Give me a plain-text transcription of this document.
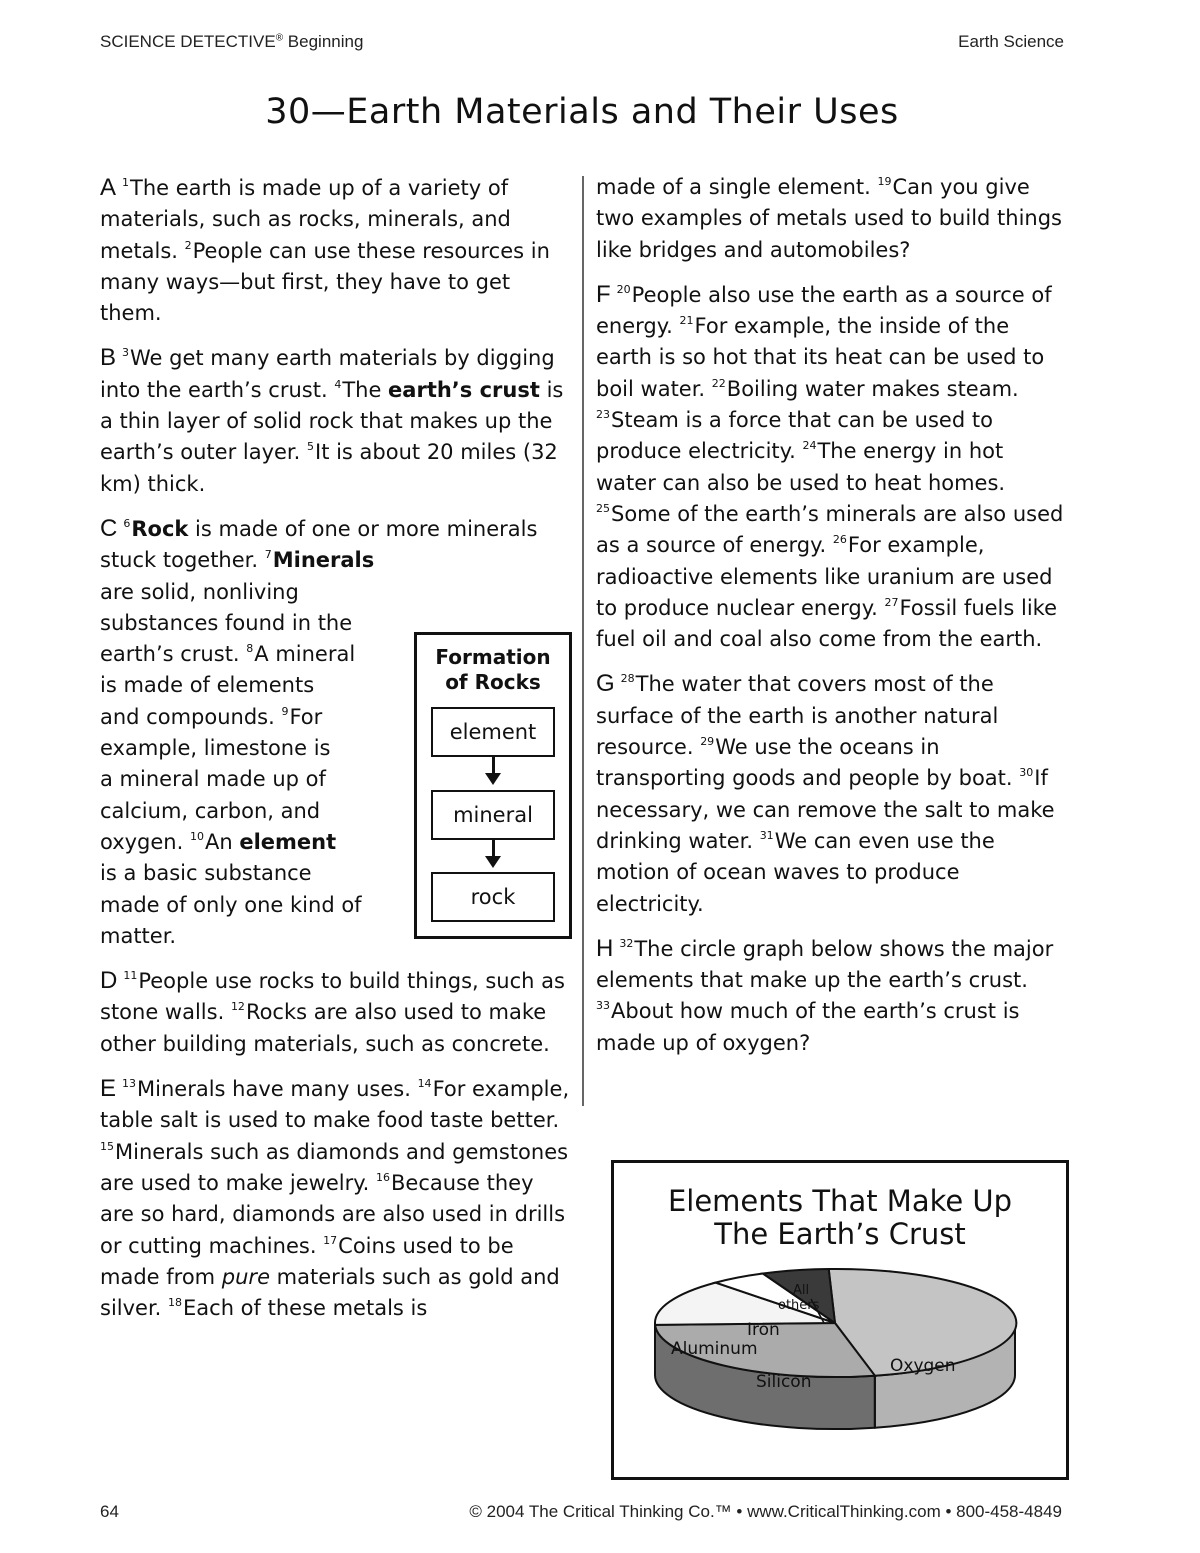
SCIENCE DETECTIVE® Beginning	Earth Science
30—Earth Materials and Their Uses

A $^1$The earth is made up of a variety of materials, such as rocks, minerals, and metals. $^2$People can use these resources in many ways—but first, they have to get them.

B $^3$We get many earth materials by digging into the earth’s crust. $^4$The earth’s crust is a thin layer of solid rock that makes up the earth’s outer layer. $^5$It is about 20 miles (32 km) thick.

C $^6$Rock is made of one or more minerals stuck together. $^7$Minerals
are solid, nonliving
substances found in the
earth’s crust. $^8$A mineral
is made of elements
and compounds. $^9$For
example, limestone is
a mineral made up of
calcium, carbon, and
oxygen. $^{10}$An element
is a basic substance
made of only one kind of
matter.

D $^{11}$People use rocks to build things, such as stone walls. $^{12}$Rocks are also used to make other building materials, such as concrete.

E $^{13}$Minerals have many uses. $^{14}$For example, table salt is used to make food taste better. $^{15}$Minerals such as diamonds and gemstones are used to make jewelry. $^{16}$Because they are so hard, diamonds are also used in drills or cutting machines. $^{17}$Coins used to be made from pure materials such as gold and silver. $^{18}$Each of these metals is

made of a single element. $^{19}$Can you give two examples of metals used to build things like bridges and automobiles?

F $^{20}$People also use the earth as a source of energy. $^{21}$For example, the inside of the earth is so hot that its heat can be used to boil water. $^{22}$Boiling water makes steam. $^{23}$Steam is a force that can be used to produce electricity. $^{24}$The energy in hot water can also be used to heat homes. $^{25}$Some of the earth’s minerals are also used as a source of energy. $^{26}$For example, radioactive elements like uranium are used to produce nuclear energy. $^{27}$Fossil fuels like fuel oil and coal also come from the earth.

G $^{28}$The water that covers most of the surface of the earth is another natural resource. $^{29}$We use the oceans in transporting goods and people by boat. $^{30}$If necessary, we can remove the salt to make drinking water. $^{31}$We can even use the motion of ocean waves to produce electricity.

H $^{32}$The circle graph below shows the major elements that make up the earth’s crust. $^{33}$About how much of the earth’s crust is made up of oxygen?

Formation
of Rocks
element
mineral
rock
Elements That Make Up
The Earth’s Crust
Oxygen
Silicon
Aluminum
Iron
All
others
64	© 2004 The Critical Thinking Co.™ • www.CriticalThinking.com • 800-458-4849
